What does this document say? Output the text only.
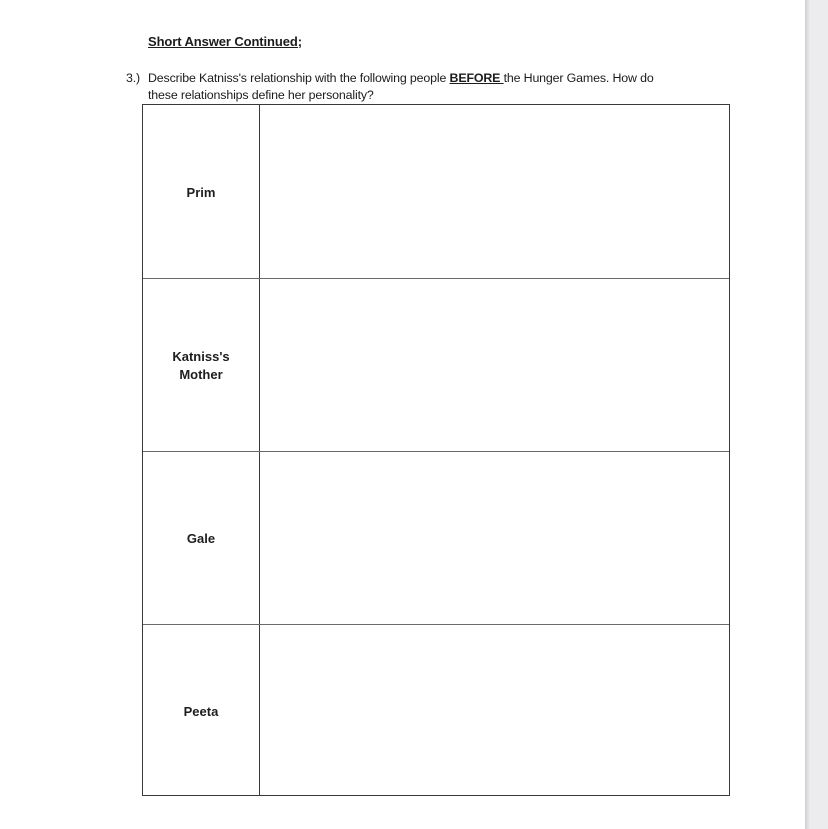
Short Answer Continued;
3.) Describe Katniss's relationship with the following people BEFORE the Hunger Games. How do
these relationships define her personality?
Prim
Katniss's
Mother
Gale
Peeta
